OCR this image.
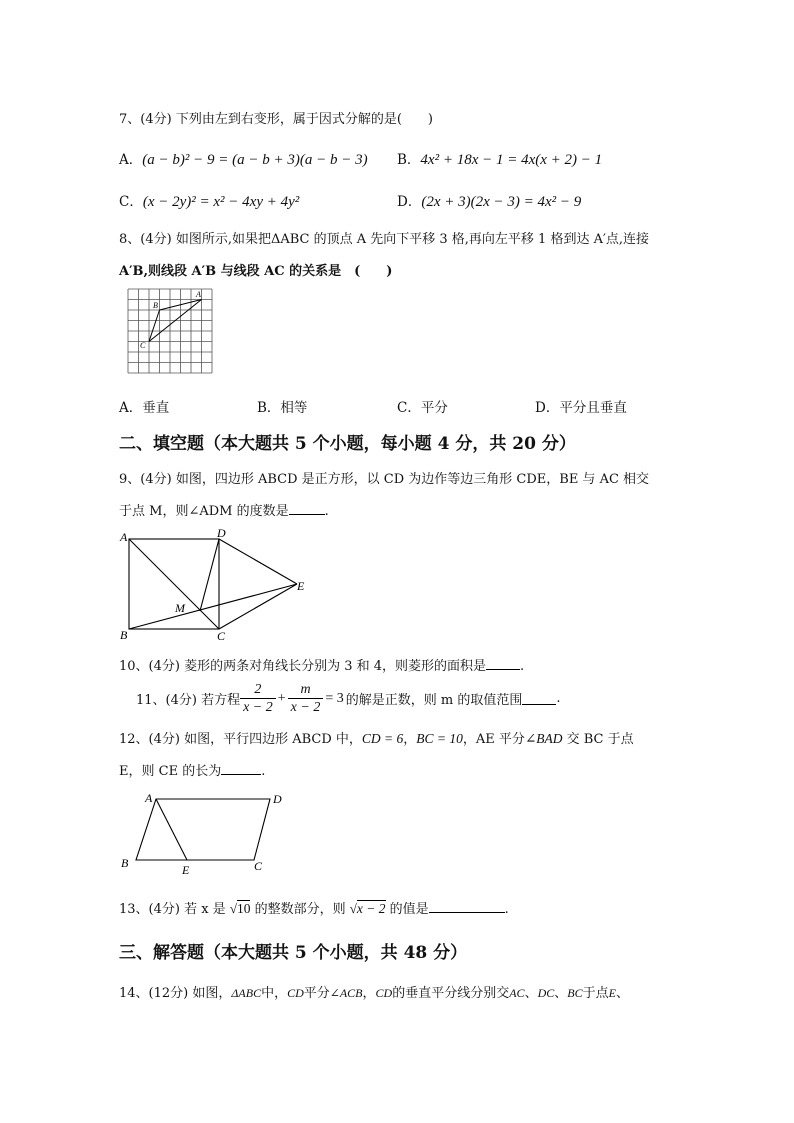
7、(4分) 下列由左到右变形，属于因式分解的是(　　)
A．(a − b)² − 9 = (a − b + 3)(a − b − 3) B．4x² + 18x − 1 = 4x(x + 2) − 1
C．(x − 2y)² = x² − 4xy + 4y²	D．(2x + 3)(2x − 3) = 4x² − 9
8、(4分) 如图所示,如果把ΔABC 的顶点 A 先向下平移 3 格,再向左平移 1 格到达 A′点,连接
A′B,则线段 A′B 与线段 AC 的关系是　(　　)
A
B
C
A．垂直	B．相等	C．平分	D．平分且垂直
二、填空题（本大题共 5 个小题，每小题 4 分，共 20 分）
9、(4分) 如图，四边形 ABCD 是正方形，以 CD 为边作等边三角形 CDE，BE 与 AC 相交
于点 M，则∠ADM 的度数是	.
A	D
E
M
B	C
10、(4分) 菱形的两条对角线长分别为 3 和 4，则菱形的面积是	.
11、(4分) 若方程 $\frac{2}{x - 2} + \frac{m}{x - 2} = 3$ 的解是正数，则 m 的取值范围	.
12、(4分) 如图，平行四边形 ABCD 中，CD = 6，BC = 10，AE 平分∠BAD 交 BC 于点
E，则 CE 的长为	.
A	D
B	E	C
13、(4分) 若 x 是 √10 的整数部分，则 √x − 2 的值是	.
三、解答题（本大题共 5 个小题，共 48 分）
14、(12分) 如图，ΔABC中，CD平分∠ACB，CD的垂直平分线分别交AC、DC、BC于点E、
